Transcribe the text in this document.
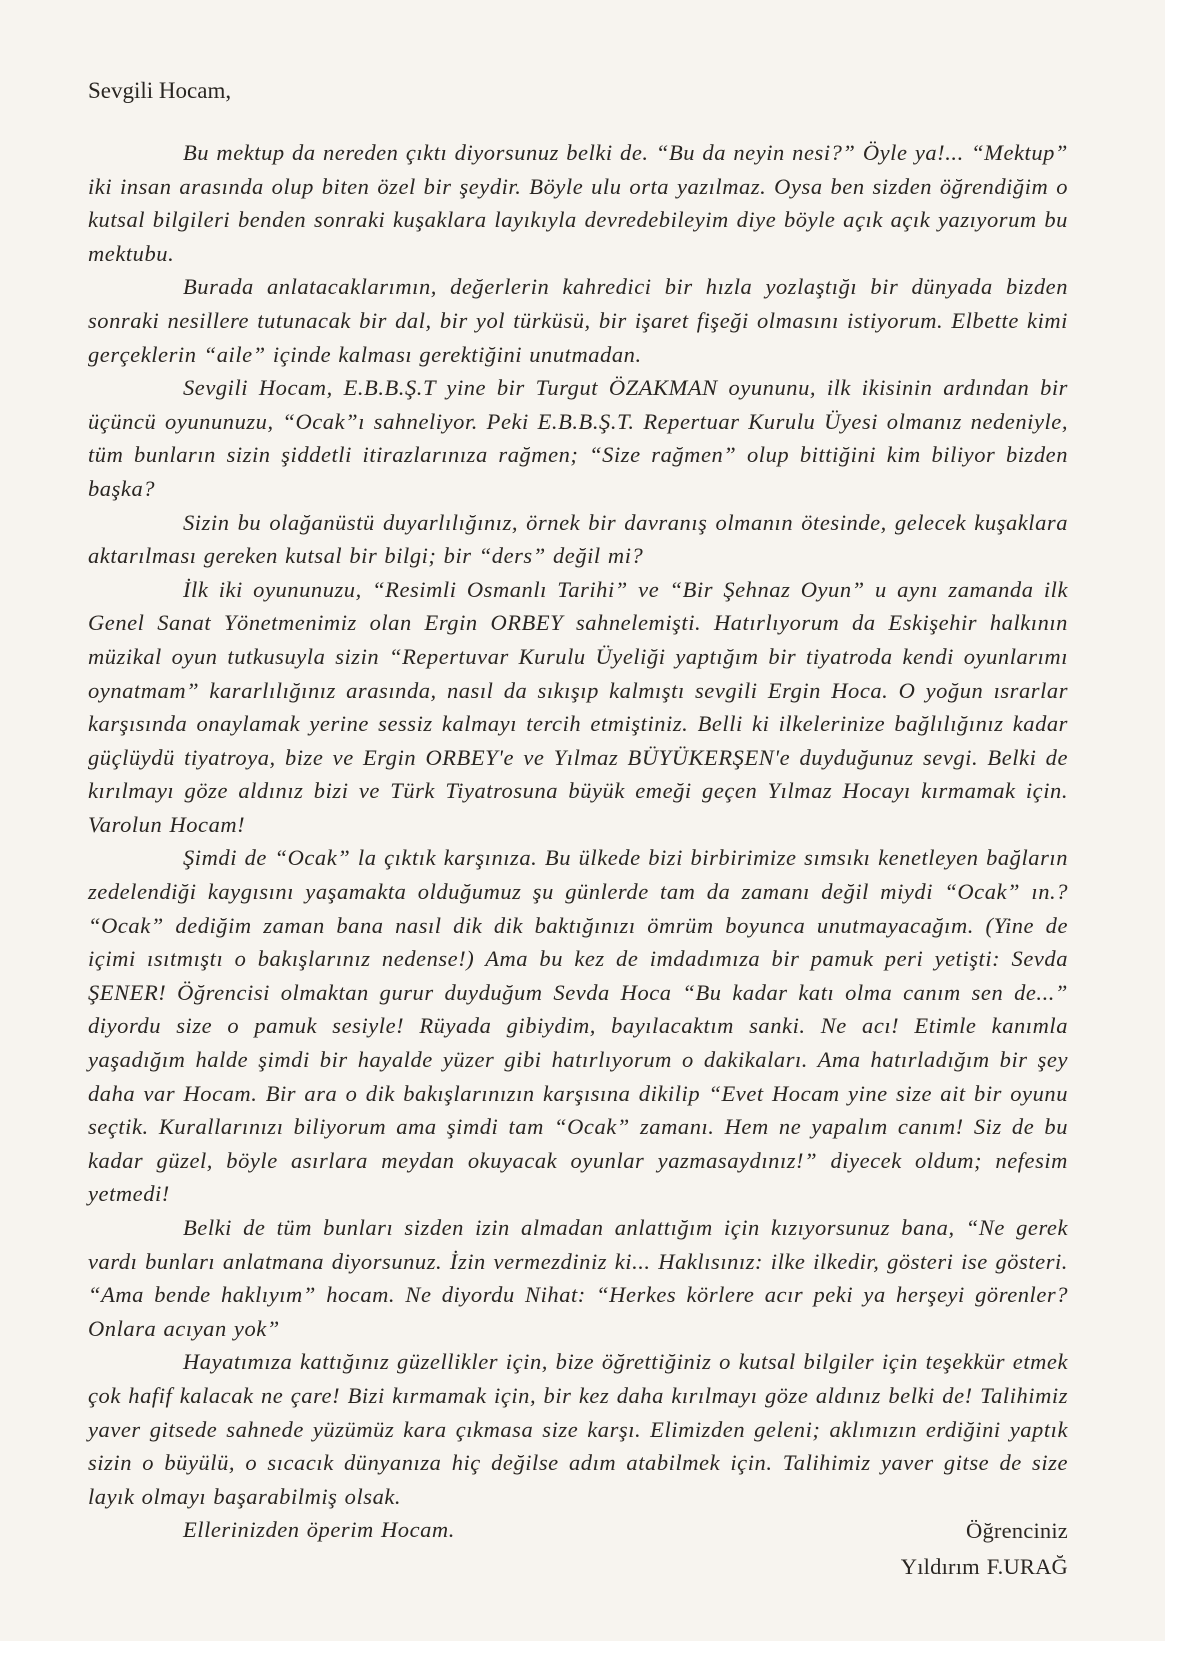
Sevgili Hocam,

Bu mektup da nereden çıktı diyorsunuz belki de. “Bu da neyin nesi?” Öyle ya!... “Mektup” iki insan arasında olup biten özel bir şeydir. Böyle ulu orta yazılmaz. Oysa ben sizden öğrendiğim o kutsal bilgileri benden sonraki kuşaklara layıkıyla devredebileyim diye böyle açık açık yazıyorum bu mektubu.

Burada anlatacaklarımın, değerlerin kahredici bir hızla yozlaştığı bir dünyada bizden sonraki nesillere tutunacak bir dal, bir yol türküsü, bir işaret fişeği olmasını istiyorum. Elbette kimi gerçeklerin “aile” içinde kalması gerektiğini unutmadan.

Sevgili Hocam, E.B.B.Ş.T yine bir Turgut ÖZAKMAN oyununu, ilk ikisinin ardından bir üçüncü oyununuzu, “Ocak”ı sahneliyor. Peki E.B.B.Ş.T. Repertuar Kurulu Üyesi olmanız nedeniyle, tüm bunların sizin şiddetli itirazlarınıza rağmen; “Size rağmen” olup bittiğini kim biliyor bizden başka?

Sizin bu olağanüstü duyarlılığınız, örnek bir davranış olmanın ötesinde, gelecek kuşaklara aktarılması gereken kutsal bir bilgi; bir “ders” değil mi?

İlk iki oyununuzu, “Resimli Osmanlı Tarihi” ve “Bir Şehnaz Oyun” u aynı zamanda ilk Genel Sanat Yönetmenimiz olan Ergin ORBEY sahnelemişti. Hatırlıyorum da Eskişehir halkının müzikal oyun tutkusuyla sizin “Repertuvar Kurulu Üyeliği yaptığım bir tiyatroda kendi oyunlarımı oynatmam” kararlılığınız arasında, nasıl da sıkışıp kalmıştı sevgili Ergin Hoca. O yoğun ısrarlar karşısında onaylamak yerine sessiz kalmayı tercih etmiştiniz. Belli ki ilkelerinize bağlılığınız kadar güçlüydü tiyatroya, bize ve Ergin ORBEY'e ve Yılmaz BÜYÜKERŞEN'e duyduğunuz sevgi. Belki de kırılmayı göze aldınız bizi ve Türk Tiyatrosuna büyük emeği geçen Yılmaz Hocayı kırmamak için. Varolun Hocam!

Şimdi de “Ocak” la çıktık karşınıza. Bu ülkede bizi birbirimize sımsıkı kenetleyen bağların zedelendiği kaygısını yaşamakta olduğumuz şu günlerde tam da zamanı değil miydi “Ocak” ın.? “Ocak” dediğim zaman bana nasıl dik dik baktığınızı ömrüm boyunca unutmayacağım. (Yine de içimi ısıtmıştı o bakışlarınız nedense!) Ama bu kez de imdadımıza bir pamuk peri yetişti: Sevda ŞENER! Öğrencisi olmaktan gurur duyduğum Sevda Hoca “Bu kadar katı olma canım sen de...” diyordu size o pamuk sesiyle! Rüyada gibiydim, bayılacaktım sanki. Ne acı! Etimle kanımla yaşadığım halde şimdi bir hayalde yüzer gibi hatırlıyorum o dakikaları. Ama hatırladığım bir şey daha var Hocam. Bir ara o dik bakışlarınızın karşısına dikilip “Evet Hocam yine size ait bir oyunu seçtik. Kurallarınızı biliyorum ama şimdi tam “Ocak” zamanı. Hem ne yapalım canım! Siz de bu kadar güzel, böyle asırlara meydan okuyacak oyunlar yazmasaydınız!” diyecek oldum; nefesim yetmedi!

Belki de tüm bunları sizden izin almadan anlattığım için kızıyorsunuz bana, “Ne gerek vardı bunları anlatmana diyorsunuz. İzin vermezdiniz ki... Haklısınız: ilke ilkedir, gösteri ise gösteri. “Ama bende haklıyım” hocam. Ne diyordu Nihat: “Herkes körlere acır peki ya herşeyi görenler? Onlara acıyan yok”

Hayatımıza kattığınız güzellikler için, bize öğrettiğiniz o kutsal bilgiler için teşekkür etmek çok hafif kalacak ne çare! Bizi kırmamak için, bir kez daha kırılmayı göze aldınız belki de! Talihimiz yaver gitsede sahnede yüzümüz kara çıkmasa size karşı. Elimizden geleni; aklımızın erdiğini yaptık sizin o büyülü, o sıcacık dünyanıza hiç değilse adım atabilmek için. Talihimiz yaver gitse de size layık olmayı başarabilmiş olsak.

Ellerinizden öperim Hocam.	Öğrenciniz
Yıldırım F.URAĞ
